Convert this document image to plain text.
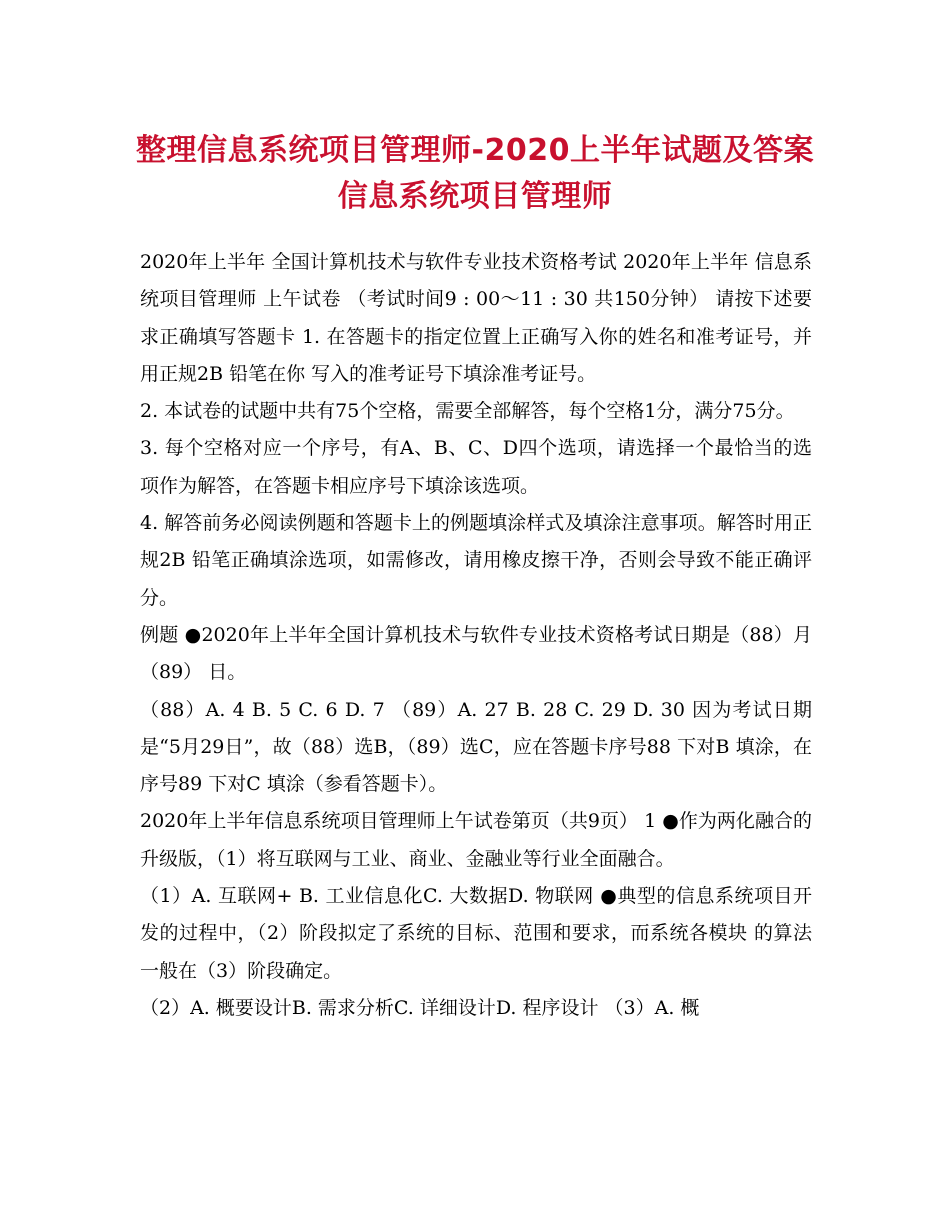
整理信息系统项目管理师-2020上半年试题及答案 信息系统项目管理师

2020年上半年 全国计算机技术与软件专业技术资格考试 2020年上半年 信息系统项目管理师 上午试卷 （考试时间9 : 00～11 : 30 共150分钟） 请按下述要求正确填写答题卡 1. 在答题卡的指定位置上正确写入你的姓名和准考证号，并用正规2B 铅笔在你 写入的准考证号下填涂准考证号。

2. 本试卷的试题中共有75个空格，需要全部解答，每个空格1分，满分75分。

3. 每个空格对应一个序号，有A、B、C、D四个选项，请选择一个最恰当的选 项作为解答，在答题卡相应序号下填涂该选项。

4. 解答前务必阅读例题和答题卡上的例题填涂样式及填涂注意事项。解答时用正 规2B 铅笔正确填涂选项，如需修改，请用橡皮擦干净，否则会导致不能正确评分。

例题 ●2020年上半年全国计算机技术与软件专业技术资格考试日期是（88）月（89） 日。

（88）A. 4 B. 5 C. 6 D. 7 （89）A. 27 B. 28 C. 29 D. 30 因为考试日期是“5月29日”，故（88）选B，（89）选C，应在答题卡序号88 下对B 填涂，在序号89 下对C 填涂（参看答题卡）。

2020年上半年信息系统项目管理师上午试卷第页（共9页） 1 ●作为两化融合的升级版，（1）将互联网与工业、商业、金融业等行业全面融合。

（1）A. 互联网+ B. 工业信息化C. 大数据D. 物联网 ●典型的信息系统项目开发的过程中，（2）阶段拟定了系统的目标、范围和要求，而系统各模块 的算法一般在（3）阶段确定。

（2）A. 概要设计B. 需求分析C. 详细设计D. 程序设计 （3）A. 概
